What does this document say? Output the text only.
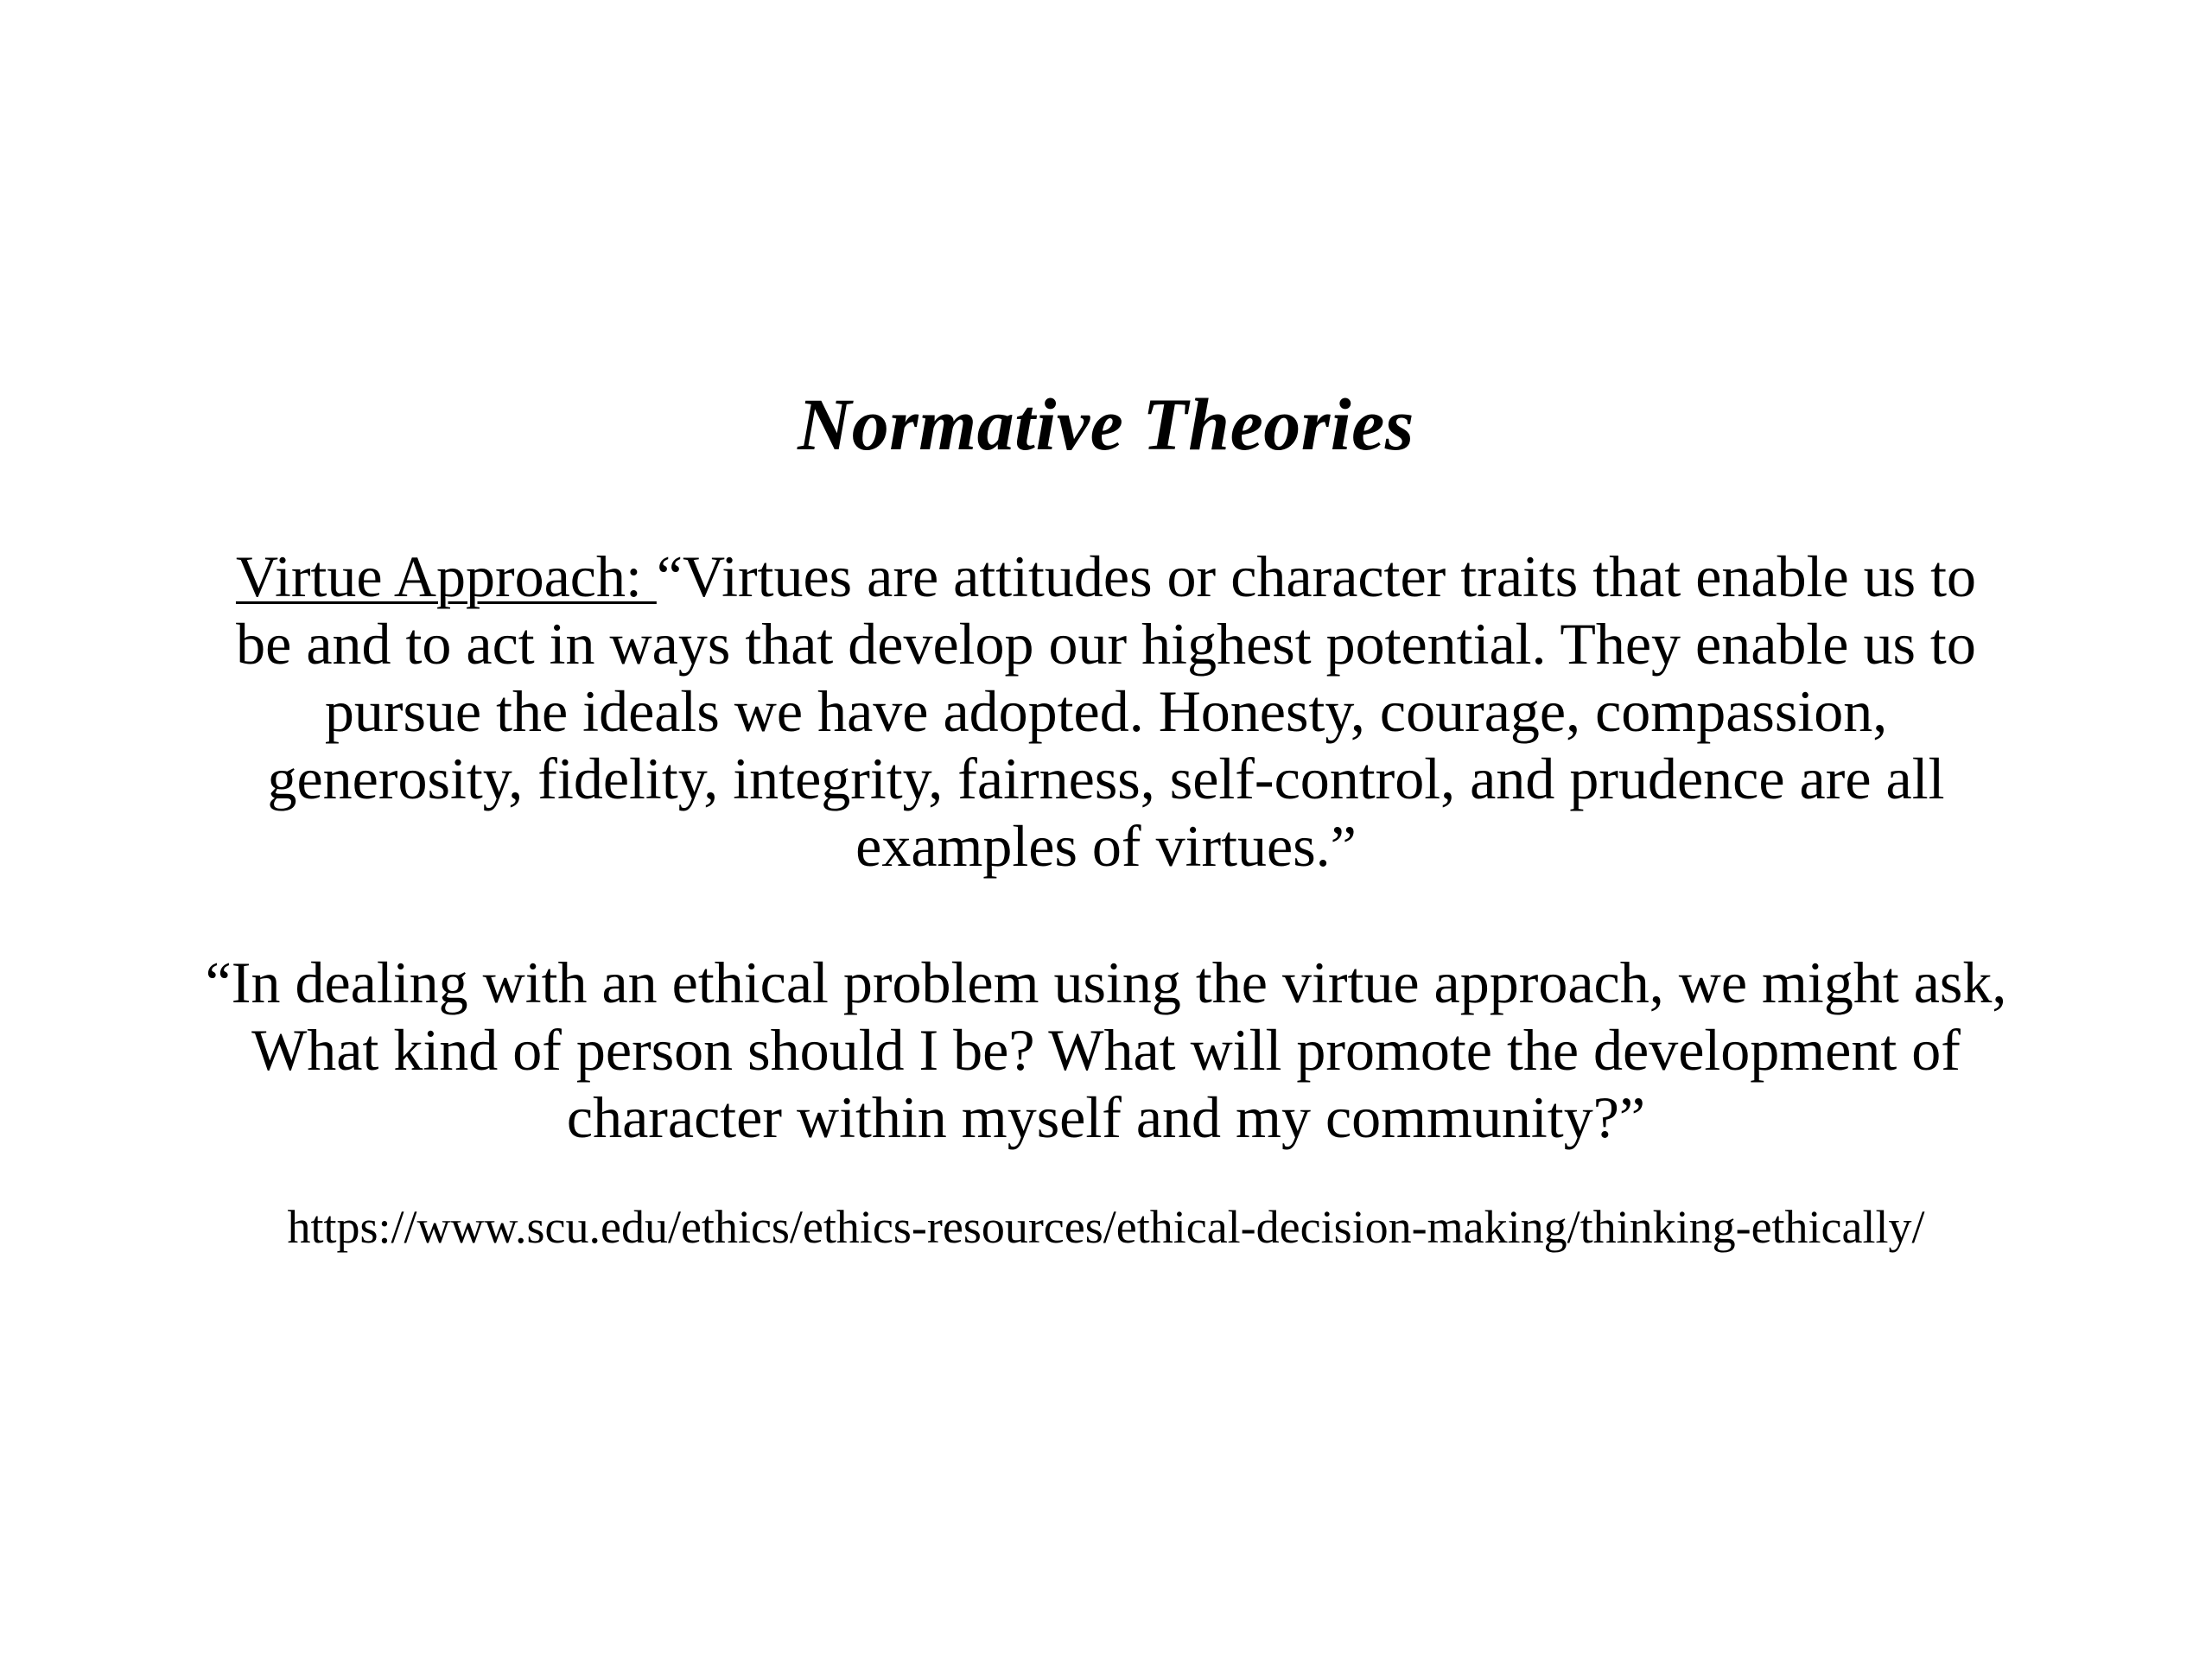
Normative Theories

Virtue Approach: “Virtues are attitudes or character traits that enable us to be and to act in ways that develop our highest potential. They enable us to pursue the ideals we have adopted. Honesty, courage, compassion, generosity, fidelity, integrity, fairness, self-control, and prudence are all examples of virtues.”

“In dealing with an ethical problem using the virtue approach, we might ask, What kind of person should I be? What will promote the development of character within myself and my community?”

https://www.scu.edu/ethics/ethics-resources/ethical-decision-making/thinking-ethically/
